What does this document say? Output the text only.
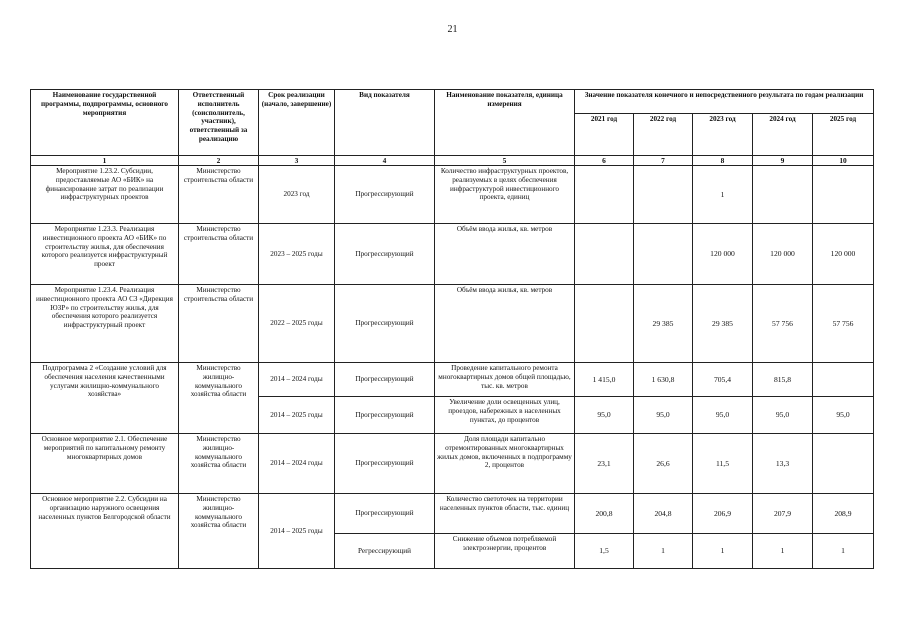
21
Наименование государственной программы, подпрограммы, основного мероприятия	Ответственный исполнитель (соисполнитель, участник), ответственный за реализацию	Срок реализации (начало, завершение)	Вид показателя	Наименование показателя, единица измерения	Значение показателя конечного и непосредственного результата по годам реализации				
					2021 год	2022 год	2023 год	2024 год	2025 год
1	2	3	4	5	6	7	8	9	10
Мероприятие 1.23.2. Субсидии, предоставляемые АО «БИК» на финансирование затрат по реализации инфраструктурных проектов	Министерство строительства области	2023 год	Прогрессирующий	Количество инфраструктурных проектов, реализуемых в целях обеспечения инфраструктурой инвестиционного проекта, единиц			1		
Мероприятие 1.23.3. Реализация инвестиционного проекта АО «БИК» по строительству жилья, для обеспечения которого реализуется инфраструктурный проект	Министерство строительства области	2023 – 2025 годы	Прогрессирующий	Объём ввода жилья, кв. метров			120 000	120 000	120 000
Мероприятие 1.23.4. Реализация инвестиционного проекта АО СЗ «Дирекция ЮЗР» по строительству жилья, для обеспечения которого реализуется инфраструктурный проект	Министерство строительства области	2022 – 2025 годы	Прогрессирующий	Объём ввода жилья, кв. метров		29 385	29 385	57 756	57 756
Подпрограмма 2 «Создание условий для обеспечения населения качественными услугами жилищно-коммунального хозяйства»	Министерство жилищно-коммунального хозяйства области	2014 – 2024 годы	Прогрессирующий	Проведение капитального ремонта многоквартирных домов общей площадью, тыс. кв. метров	1 415,0	1 630,8	705,4	815,8	
		2014 – 2025 годы	Прогрессирующий	Увеличение доли освещенных улиц, проездов, набережных в населенных пунктах, до процентов	95,0	95,0	95,0	95,0	95,0
Основное мероприятие 2.1. Обеспечение мероприятий по капитальному ремонту многоквартирных домов	Министерство жилищно-коммунального хозяйства области	2014 – 2024 годы	Прогрессирующий	Доля площади капитально отремонтированных многоквартирных жилых домов, включенных в подпрограмму 2, процентов	23,1	26,6	11,5	13,3	
Основное мероприятие 2.2. Субсидии на организацию наружного освещения населенных пунктов Белгородской области	Министерство жилищно-коммунального хозяйства области	2014 – 2025 годы	Прогрессирующий	Количество светоточек на территории населенных пунктов области, тыс. единиц	200,8	204,8	206,9	207,9	208,9
			Регрессирующий	Снижение объемов потребляемой электроэнергии, процентов	1,5	1	1	1	1
